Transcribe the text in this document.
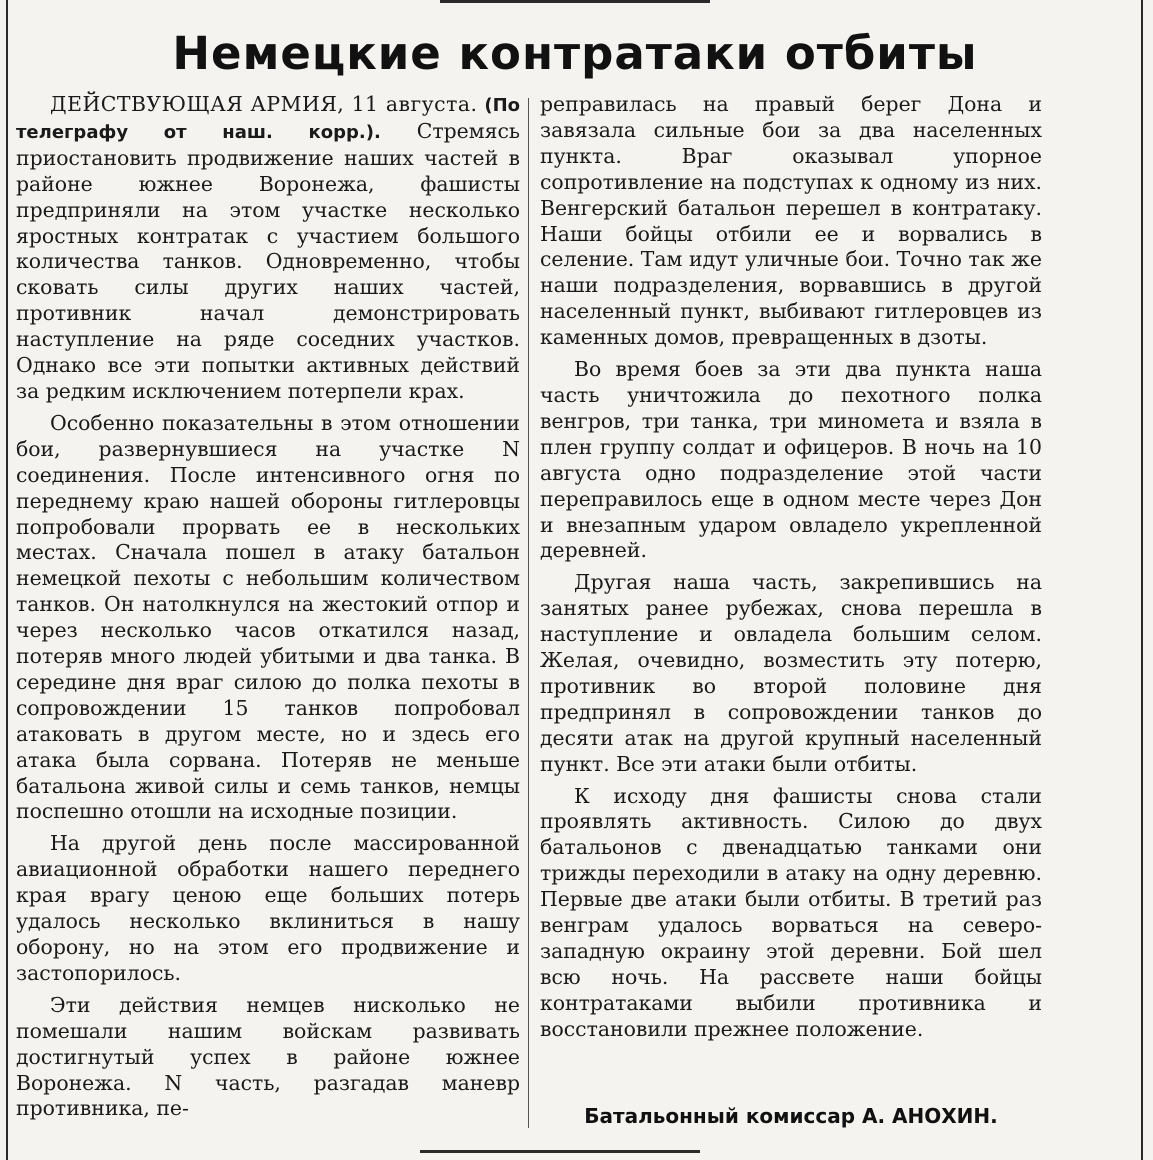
Немецкие контратаки отбиты

ДЕЙСТВУЮЩАЯ АРМИЯ, 11 августа. (По телеграфу от наш. корр.). Стремясь приостановить продвижение наших частей в районе южнее Воронежа, фашисты предприняли на этом участке несколько яростных контратак с участием большого количества танков. Одновременно, чтобы сковать силы других наших частей, противник начал демонстрировать наступление на ряде соседних участков. Однако все эти попытки активных действий за редким исключением потерпели крах.

Особенно показательны в этом отношении бои, развернувшиеся на участке N соединения. После интенсивного огня по переднему краю нашей обороны гитлеровцы попробовали прорвать ее в нескольких местах. Сначала пошел в атаку батальон немецкой пехоты с небольшим количеством танков. Он натолкнулся на жестокий отпор и через несколько часов откатился назад, потеряв много людей убитыми и два танка. В середине дня враг силою до полка пехоты в сопровождении 15 танков попробовал атаковать в другом месте, но и здесь его атака была сорвана. Потеряв не меньше батальона живой силы и семь танков, немцы поспешно отошли на исходные позиции.

На другой день после массированной авиационной обработки нашего переднего края врагу ценою еще больших потерь удалось несколько вклиниться в нашу оборону, но на этом его продвижение и застопорилось.

Эти действия немцев нисколько не помешали нашим войскам развивать достигнутый успех в районе южнее Воронежа. N часть, разгадав маневр противника, пе-

реправилась на правый берег Дона и завязала сильные бои за два населенных пункта. Враг оказывал упорное сопротивление на подступах к одному из них. Венгерский батальон перешел в контратаку. Наши бойцы отбили ее и ворвались в селение. Там идут уличные бои. Точно так же наши подразделения, ворвавшись в другой населенный пункт, выбивают гитлеровцев из каменных домов, превращенных в дзоты.

Во время боев за эти два пункта наша часть уничтожила до пехотного полка венгров, три танка, три миномета и взяла в плен группу солдат и офицеров. В ночь на 10 августа одно подразделение этой части переправилось еще в одном месте через Дон и внезапным ударом овладело укрепленной деревней.

Другая наша часть, закрепившись на занятых ранее рубежах, снова перешла в наступление и овладела большим селом. Желая, очевидно, возместить эту потерю, противник во второй половине дня предпринял в сопровождении танков до десяти атак на другой крупный населенный пункт. Все эти атаки были отбиты.

К исходу дня фашисты снова стали проявлять активность. Силою до двух батальонов с двенадцатью танками они трижды переходили в атаку на одну деревню. Первые две атаки были отбиты. В третий раз венграм удалось ворваться на северо-западную окраину этой деревни. Бой шел всю ночь. На рассвете наши бойцы контратаками выбили противника и восстановили прежнее положение.

Батальонный комиссар А. АНОХИН.
